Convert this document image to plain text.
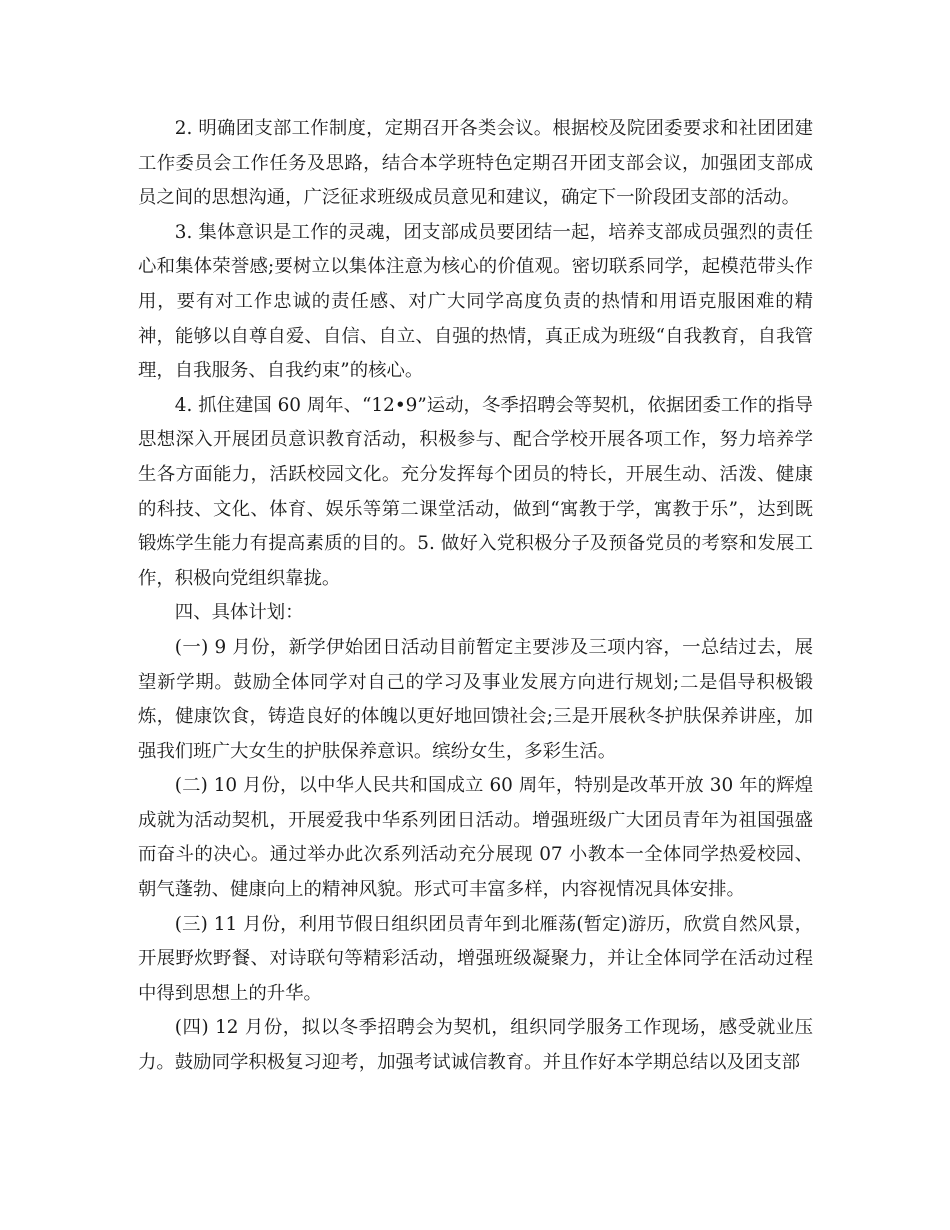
2. 明确团支部工作制度，定期召开各类会议。根据校及院团委要求和社团团建工作委员会工作任务及思路，结合本学班特色定期召开团支部会议，加强团支部成员之间的思想沟通，广泛征求班级成员意见和建议，确定下一阶段团支部的活动。

3. 集体意识是工作的灵魂，团支部成员要团结一起，培养支部成员强烈的责任心和集体荣誉感;要树立以集体注意为核心的价值观。密切联系同学，起模范带头作用，要有对工作忠诚的责任感、对广大同学高度负责的热情和用语克服困难的精神，能够以自尊自爱、自信、自立、自强的热情，真正成为班级“自我教育，自我管理，自我服务、自我约束”的核心。

4. 抓住建国 60 周年、“12•9”运动，冬季招聘会等契机，依据团委工作的指导思想深入开展团员意识教育活动，积极参与、配合学校开展各项工作，努力培养学生各方面能力，活跃校园文化。充分发挥每个团员的特长，开展生动、活泼、健康的科技、文化、体育、娱乐等第二课堂活动，做到“寓教于学，寓教于乐”，达到既锻炼学生能力有提高素质的目的。5. 做好入党积极分子及预备党员的考察和发展工作，积极向党组织靠拢。

四、具体计划：

(一) 9 月份，新学伊始团日活动目前暂定主要涉及三项内容，一总结过去，展望新学期。鼓励全体同学对自己的学习及事业发展方向进行规划;二是倡导积极锻炼，健康饮食，铸造良好的体魄以更好地回馈社会;三是开展秋冬护肤保养讲座，加强我们班广大女生的护肤保养意识。缤纷女生，多彩生活。

(二) 10 月份，以中华人民共和国成立 60 周年，特别是改革开放 30 年的辉煌成就为活动契机，开展爱我中华系列团日活动。增强班级广大团员青年为祖国强盛而奋斗的决心。通过举办此次系列活动充分展现 07 小教本一全体同学热爱校园、朝气蓬勃、健康向上的精神风貌。形式可丰富多样，内容视情况具体安排。

(三) 11 月份，利用节假日组织团员青年到北雁荡(暂定)游历，欣赏自然风景，开展野炊野餐、对诗联句等精彩活动，增强班级凝聚力，并让全体同学在活动过程中得到思想上的升华。

(四) 12 月份，拟以冬季招聘会为契机，组织同学服务工作现场，感受就业压力。鼓励同学积极复习迎考，加强考试诚信教育。并且作好本学期总结以及团支部
